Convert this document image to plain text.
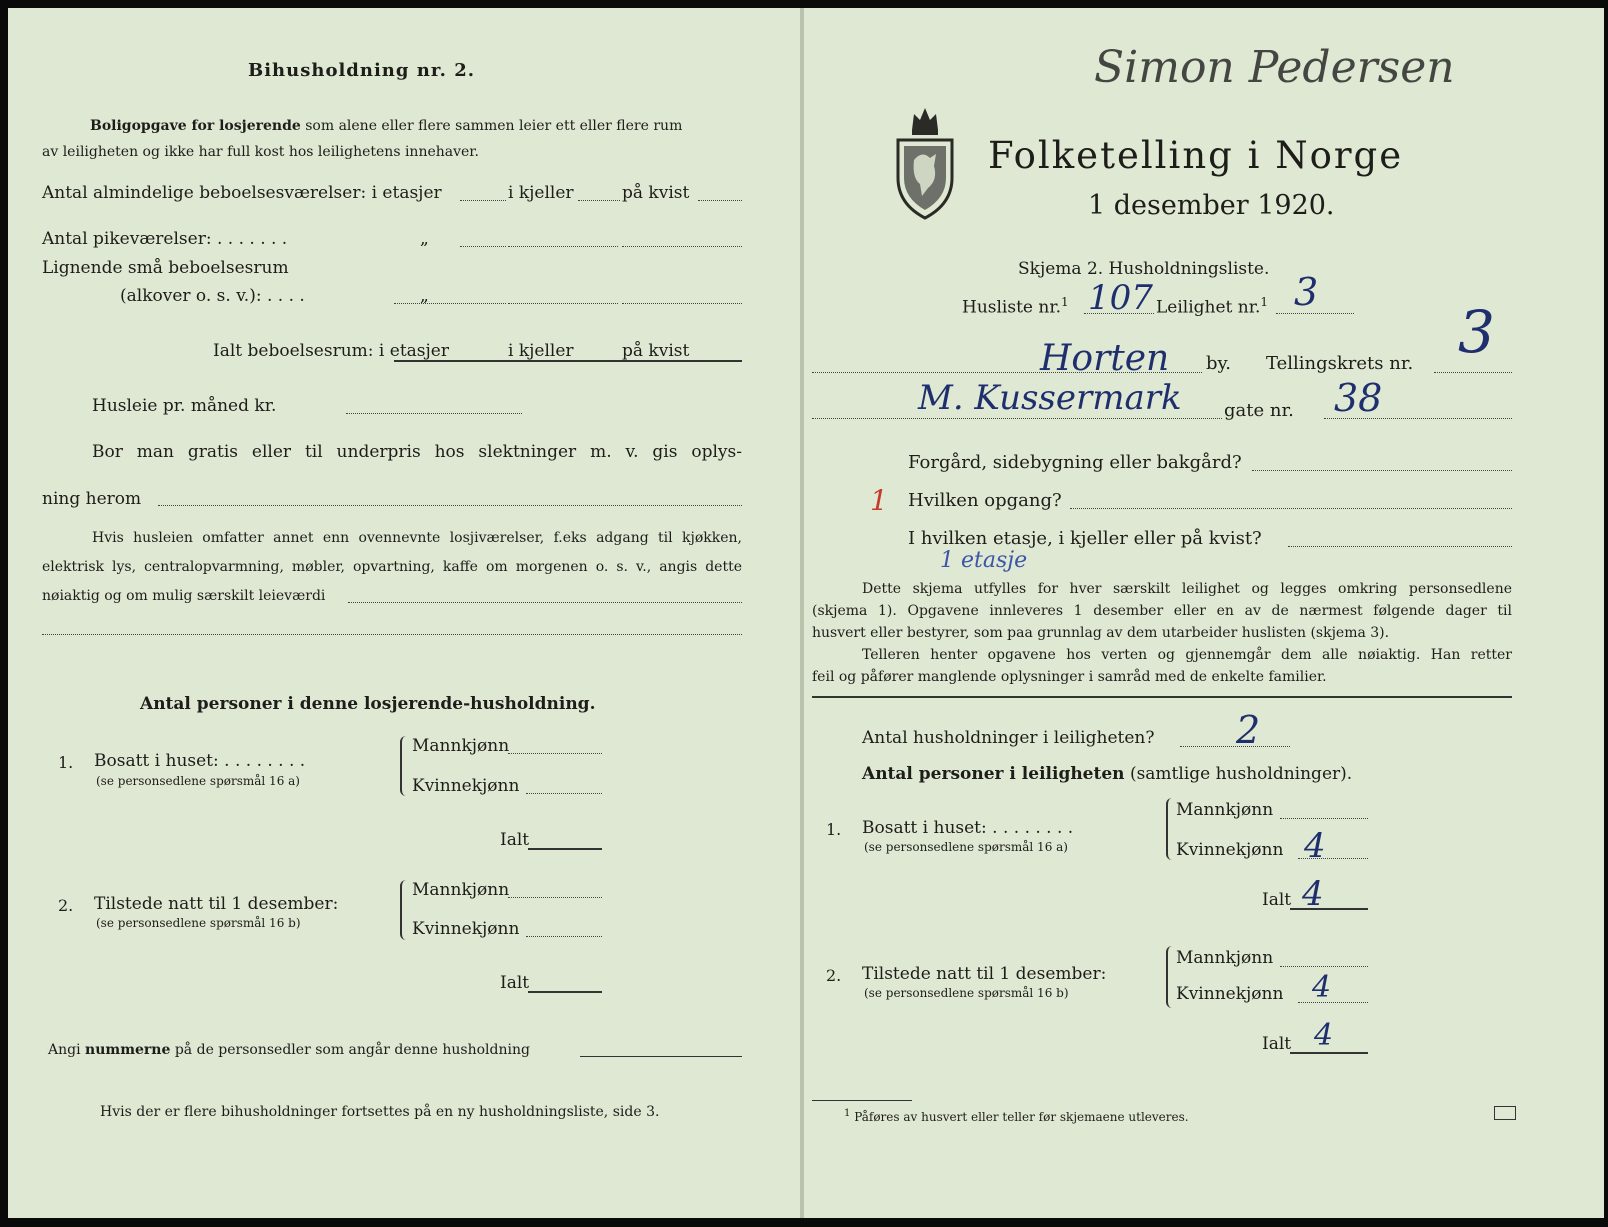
Bihusholdning nr. 2.
Boligopgave for losjerende som alene eller flere sammen leier ett eller flere rum
av leiligheten og ikke har full kost hos leilighetens innehaver.
Antal almindelige beboelsesværelser: i etasjer	i kjeller	på kvist
Antal pikeværelser: . . . . . . .	„
Lignende små beboelsesrum
(alkover o. s. v.): . . . .	„
Ialt beboelsesrum: i etasjer	i kjeller	på kvist
Husleie pr. måned kr.
Bor man gratis eller til underpris hos slektninger m. v. gis oplys-
ning herom
Hvis husleien omfatter annet enn ovennevnte losjiværelser, f.eks adgang til kjøkken,
elektrisk lys, centralopvarmning, møbler, opvartning, kaffe om morgenen o. s. v., angis dette
nøiaktig og om mulig særskilt leieværdi
Antal personer i denne losjerende-husholdning.
1. Bosatt i huset: . . . . . . . .
(se personsedlene spørsmål 16 a)
Mannkjønn
Kvinnekjønn
Ialt
2. Tilstede natt til 1 desember:
(se personsedlene spørsmål 16 b)
Mannkjønn
Kvinnekjønn
Ialt
Angi nummerne på de personsedler som angår denne husholdning
Hvis der er flere bihusholdninger fortsettes på en ny husholdningsliste, side 3.
Folketelling i Norge
1 desember 1920.
Skjema 2. Husholdningsliste.
Husliste nr.$^1$ 107 Leilighet nr.$^1$ 3
Horten by. Tellingskrets nr. 3
M. Kussermark gate nr. 38
Forgård, sidebygning eller bakgård?
Hvilken opgang?
1
I hvilken etasje, i kjeller eller på kvist?
1 etasje
Dette skjema utfylles for hver særskilt leilighet og legges omkring personsedlene
(skjema 1). Opgavene innleveres 1 desember eller en av de nærmest følgende dager til
husvert eller bestyrer, som paa grunnlag av dem utarbeider huslisten (skjema 3).
Telleren henter opgavene hos verten og gjennemgår dem alle nøiaktig. Han retter
feil og påfører manglende oplysninger i samråd med de enkelte familier.
Antal husholdninger i leiligheten? 2
Antal personer i leiligheten (samtlige husholdninger).
1. Bosatt i huset: . . . . . . . .
(se personsedlene spørsmål 16 a)
Mannkjønn
Kvinnekjønn 4
Ialt 4
2. Tilstede natt til 1 desember:
(se personsedlene spørsmål 16 b)
Mannkjønn
Kvinnekjønn 4
Ialt 4
Simon Pedersen
$^1$ Påføres av husvert eller teller før skjemaene utleveres.
